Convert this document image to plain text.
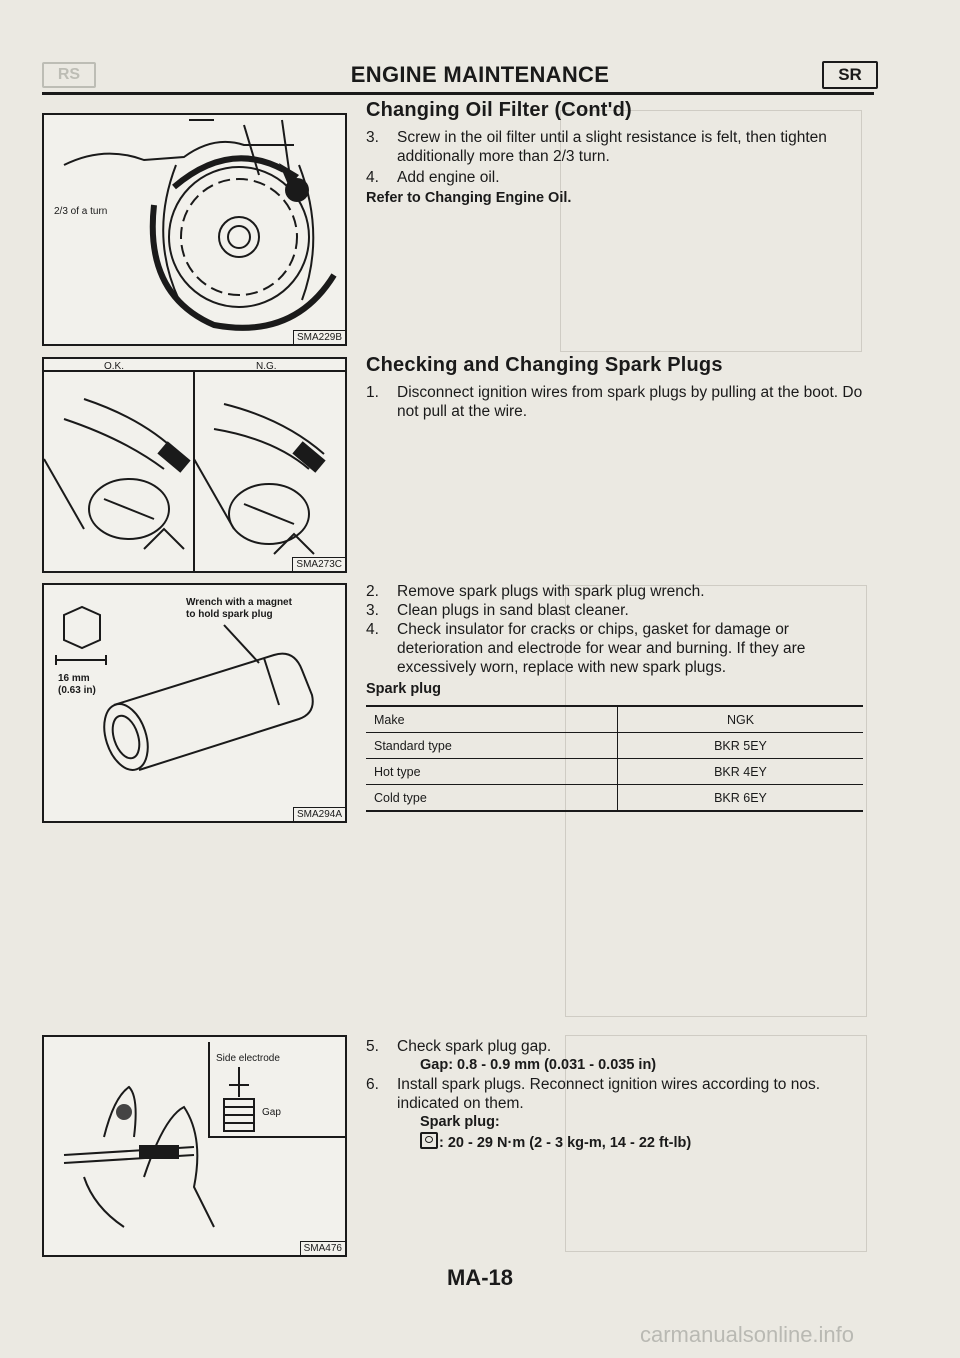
RS	ENGINE MAINTENANCE	SR
Changing Oil Filter (Cont'd)
3. Screw in the oil filter until a slight resistance is felt, then tighten additionally more than 2/3 turn.
4. Add engine oil.
Refer to Changing Engine Oil.
2/3 of a turn
SMA229B
Checking and Changing Spark Plugs
1. Disconnect ignition wires from spark plugs by pulling at the boot. Do not pull at the wire.
O.K.	N.G.
SMA273C
2. Remove spark plugs with spark plug wrench.
3. Clean plugs in sand blast cleaner.
4. Check insulator for cracks or chips, gasket for damage or deterioration and electrode for wear and burning. If they are excessively worn, replace with new spark plugs.
Spark plug
Make	NGK
Standard type	BKR 5EY
Hot type	BKR 4EY
Cold type	BKR 6EY
Wrench with a magnet
to hold spark plug
16 mm
(0.63 in)
SMA294A
Side electrode
Gap
SMA476
5. Check spark plug gap.
Gap: 0.8 - 0.9 mm (0.031 - 0.035 in)
6. Install spark plugs. Reconnect ignition wires according to nos. indicated on them.
Spark plug:
: 20 - 29 N·m (2 - 3 kg-m, 14 - 22 ft-lb)
MA-18
carmanualsonline.info
